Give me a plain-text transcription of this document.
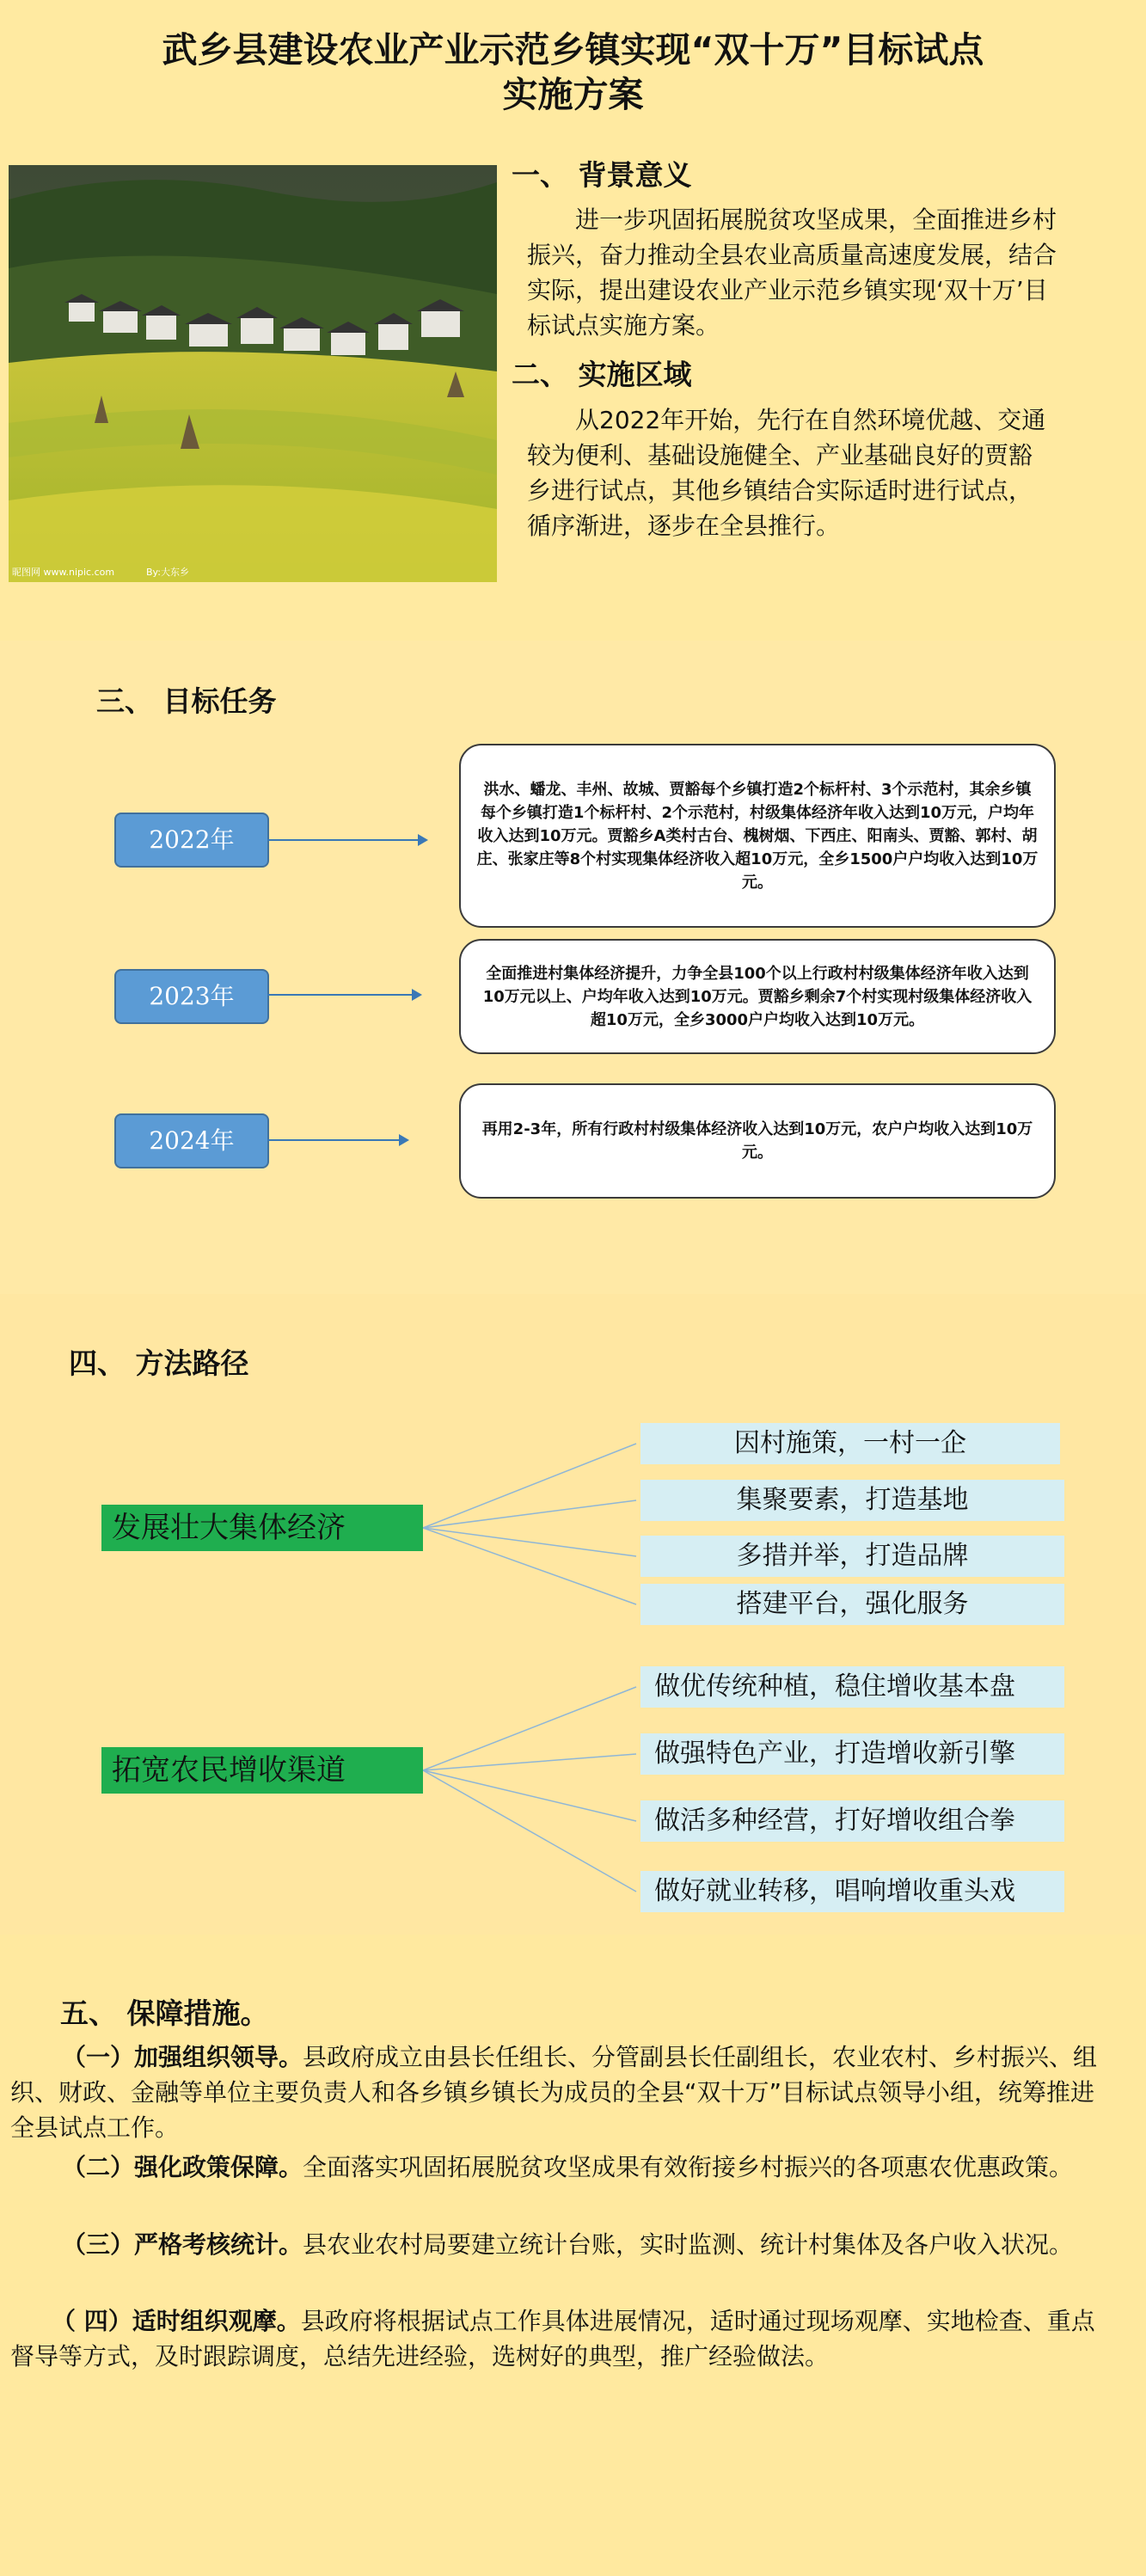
武乡县建设农业产业示范乡镇实现“双十万”目标试点
实施方案
昵图网 www.nipic.com	By:大东乡
一、 背景意义
进一步巩固拓展脱贫攻坚成果，全面推进乡村振兴，奋力推动全县农业高质量高速度发展，结合实际，提出建设农业产业示范乡镇实现‘双十万’目标试点实施方案。
二、 实施区域
从2022年开始，先行在自然环境优越、交通较为便利、基础设施健全、产业基础良好的贾豁乡进行试点，其他乡镇结合实际适时进行试点，循序渐进，逐步在全县推行。
三、 目标任务
2022年
洪水、蟠龙、丰州、故城、贾豁每个乡镇打造2个标杆村、3个示范村，其余乡镇每个乡镇打造1个标杆村、2个示范村，村级集体经济年收入达到10万元，户均年收入达到10万元。贾豁乡A类村古台、槐树烟、下西庄、阳南头、贾豁、郭村、胡庄、张家庄等8个村实现集体经济收入超10万元，全乡1500户户均收入达到10万元。
2023年
全面推进村集体经济提升，力争全县100个以上行政村村级集体经济年收入达到10万元以上、户均年收入达到10万元。贾豁乡剩余7个村实现村级集体经济收入超10万元，全乡3000户户均收入达到10万元。
2024年	再用2-3年，所有行政村村级集体经济收入达到10万元，农户户均收入达到10万元。
四、 方法路径
发展壮大集体经济
因村施策，一村一企
集聚要素，打造基地
多措并举，打造品牌
搭建平台，强化服务
拓宽农民增收渠道
做优传统种植，稳住增收基本盘
做强特色产业，打造增收新引擎
做活多种经营，打好增收组合拳
做好就业转移，唱响增收重头戏
五、 保障措施。
（一）加强组织领导。县政府成立由县长任组长、分管副县长任副组长，农业农村、乡村振兴、组织、财政、金融等单位主要负责人和各乡镇乡镇长为成员的全县“双十万”目标试点领导小组，统筹推进全县试点工作。
（二）强化政策保障。全面落实巩固拓展脱贫攻坚成果有效衔接乡村振兴的各项惠农优惠政策。
（三）严格考核统计。县农业农村局要建立统计台账，实时监测、统计村集体及各户收入状况。
（ 四）适时组织观摩。县政府将根据试点工作具体进展情况，适时通过现场观摩、实地检查、重点督导等方式，及时跟踪调度，总结先进经验，选树好的典型，推广经验做法。
